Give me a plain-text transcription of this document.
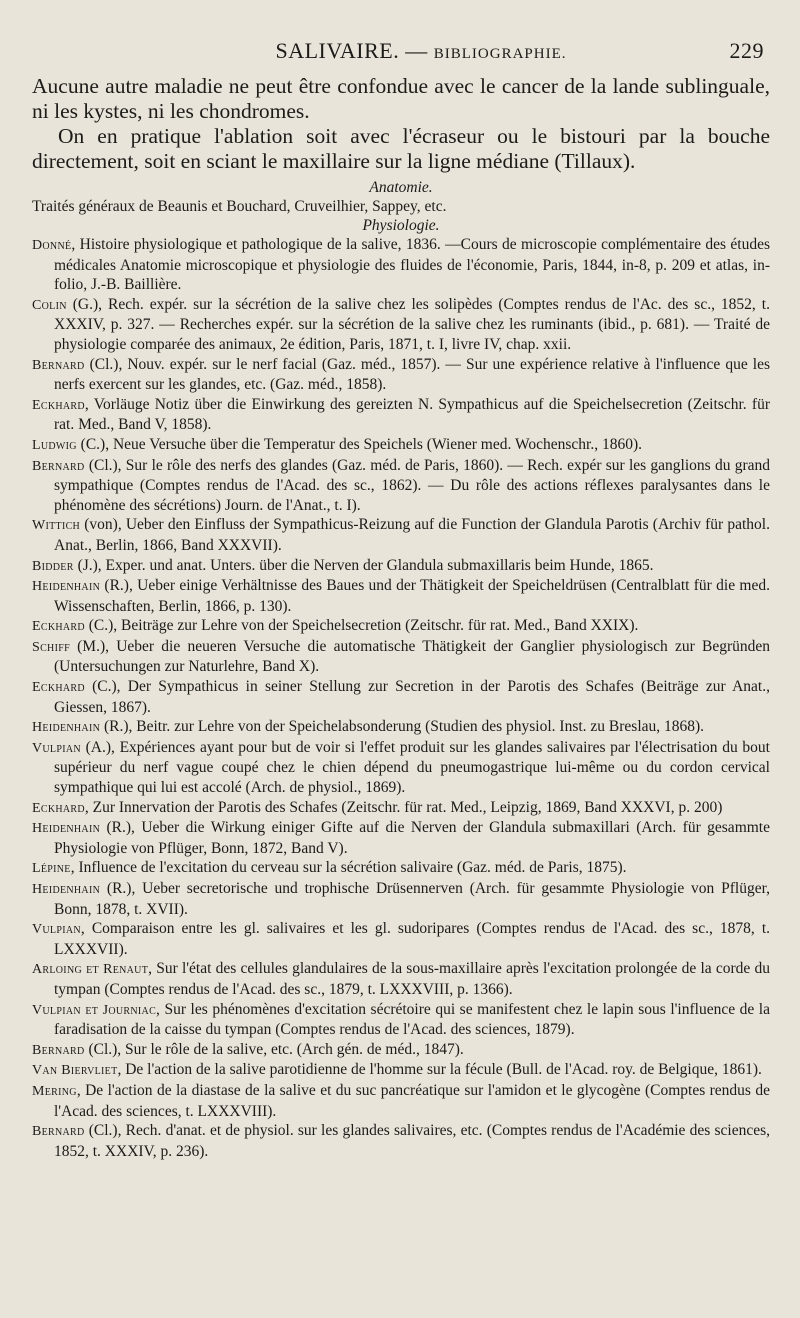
SALIVAIRE. — BIBLIOGRAPHIE.	229

Aucune autre maladie ne peut être confondue avec le cancer de la lande sublinguale, ni les kystes, ni les chondromes.

On en pratique l'ablation soit avec l'écraseur ou le bistouri par la bouche directement, soit en sciant le maxillaire sur la ligne médiane (Tillaux).

Anatomie.

Traités généraux de Beaunis et Bouchard, Cruveilhier, Sappey, etc.

Physiologie.

Donné, Histoire physiologique et pathologique de la salive, 1836. —Cours de microscopie complémentaire des études médicales Anatomie microscopique et physiologie des fluides de l'économie, Paris, 1844, in-8, p. 209 et atlas, in-folio, J.-B. Baillière.

Colin (G.), Rech. expér. sur la sécrétion de la salive chez les solipèdes (Comptes rendus de l'Ac. des sc., 1852, t. XXXIV, p. 327. — Recherches expér. sur la sécrétion de la salive chez les ruminants (ibid., p. 681). — Traité de physiologie comparée des animaux, 2e édition, Paris, 1871, t. I, livre IV, chap. xxii.

Bernard (Cl.), Nouv. expér. sur le nerf facial (Gaz. méd., 1857). — Sur une expérience relative à l'influence que les nerfs exercent sur les glandes, etc. (Gaz. méd., 1858).

Eckhard, Vorläuge Notiz über die Einwirkung des gereizten N. Sympathicus auf die Speichelsecretion (Zeitschr. für rat. Med., Band V, 1858).

Ludwig (C.), Neue Versuche über die Temperatur des Speichels (Wiener med. Wochenschr., 1860).

Bernard (Cl.), Sur le rôle des nerfs des glandes (Gaz. méd. de Paris, 1860). — Rech. expér sur les ganglions du grand sympathique (Comptes rendus de l'Acad. des sc., 1862). — Du rôle des actions réflexes paralysantes dans le phénomène des sécrétions) Journ. de l'Anat., t. I).

Wittich (von), Ueber den Einfluss der Sympathicus-Reizung auf die Function der Glandula Parotis (Archiv für pathol. Anat., Berlin, 1866, Band XXXVII).

Bidder (J.), Exper. und anat. Unters. über die Nerven der Glandula submaxillaris beim Hunde, 1865.

Heidenhain (R.), Ueber einige Verhältnisse des Baues und der Thätigkeit der Speicheldrüsen (Centralblatt für die med. Wissenschaften, Berlin, 1866, p. 130).

Eckhard (C.), Beiträge zur Lehre von der Speichelsecretion (Zeitschr. für rat. Med., Band XXIX).

Schiff (M.), Ueber die neueren Versuche die automatische Thätigkeit der Ganglier physiologisch zur Begründen (Untersuchungen zur Naturlehre, Band X).

Eckhard (C.), Der Sympathicus in seiner Stellung zur Secretion in der Parotis des Schafes (Beiträge zur Anat., Giessen, 1867).

Heidenhain (R.), Beitr. zur Lehre von der Speichelabsonderung (Studien des physiol. Inst. zu Breslau, 1868).

Vulpian (A.), Expériences ayant pour but de voir si l'effet produit sur les glandes salivaires par l'électrisation du bout supérieur du nerf vague coupé chez le chien dépend du pneumogastrique lui-même ou du cordon cervical sympathique qui lui est accolé (Arch. de physiol., 1869).

Eckhard, Zur Innervation der Parotis des Schafes (Zeitschr. für rat. Med., Leipzig, 1869, Band XXXVI, p. 200)

Heidenhain (R.), Ueber die Wirkung einiger Gifte auf die Nerven der Glandula submaxillari (Arch. für gesammte Physiologie von Pflüger, Bonn, 1872, Band V).

Lépine, Influence de l'excitation du cerveau sur la sécrétion salivaire (Gaz. méd. de Paris, 1875).

Heidenhain (R.), Ueber secretorische und trophische Drüsennerven (Arch. für gesammte Physiologie von Pflüger, Bonn, 1878, t. XVII).

Vulpian, Comparaison entre les gl. salivaires et les gl. sudoripares (Comptes rendus de l'Acad. des sc., 1878, t. LXXXVII).

Arloing et Renaut, Sur l'état des cellules glandulaires de la sous-maxillaire après l'excitation prolongée de la corde du tympan (Comptes rendus de l'Acad. des sc., 1879, t. LXXXVIII, p. 1366).

Vulpian et Journiac, Sur les phénomènes d'excitation sécrétoire qui se manifestent chez le lapin sous l'influence de la faradisation de la caisse du tympan (Comptes rendus de l'Acad. des sciences, 1879).

Bernard (Cl.), Sur le rôle de la salive, etc. (Arch gén. de méd., 1847).

Van Biervliet, De l'action de la salive parotidienne de l'homme sur la fécule (Bull. de l'Acad. roy. de Belgique, 1861).

Mering, De l'action de la diastase de la salive et du suc pancréatique sur l'amidon et le glycogène (Comptes rendus de l'Acad. des sciences, t. LXXXVIII).

Bernard (Cl.), Rech. d'anat. et de physiol. sur les glandes salivaires, etc. (Comptes rendus de l'Académie des sciences, 1852, t. XXXIV, p. 236).
